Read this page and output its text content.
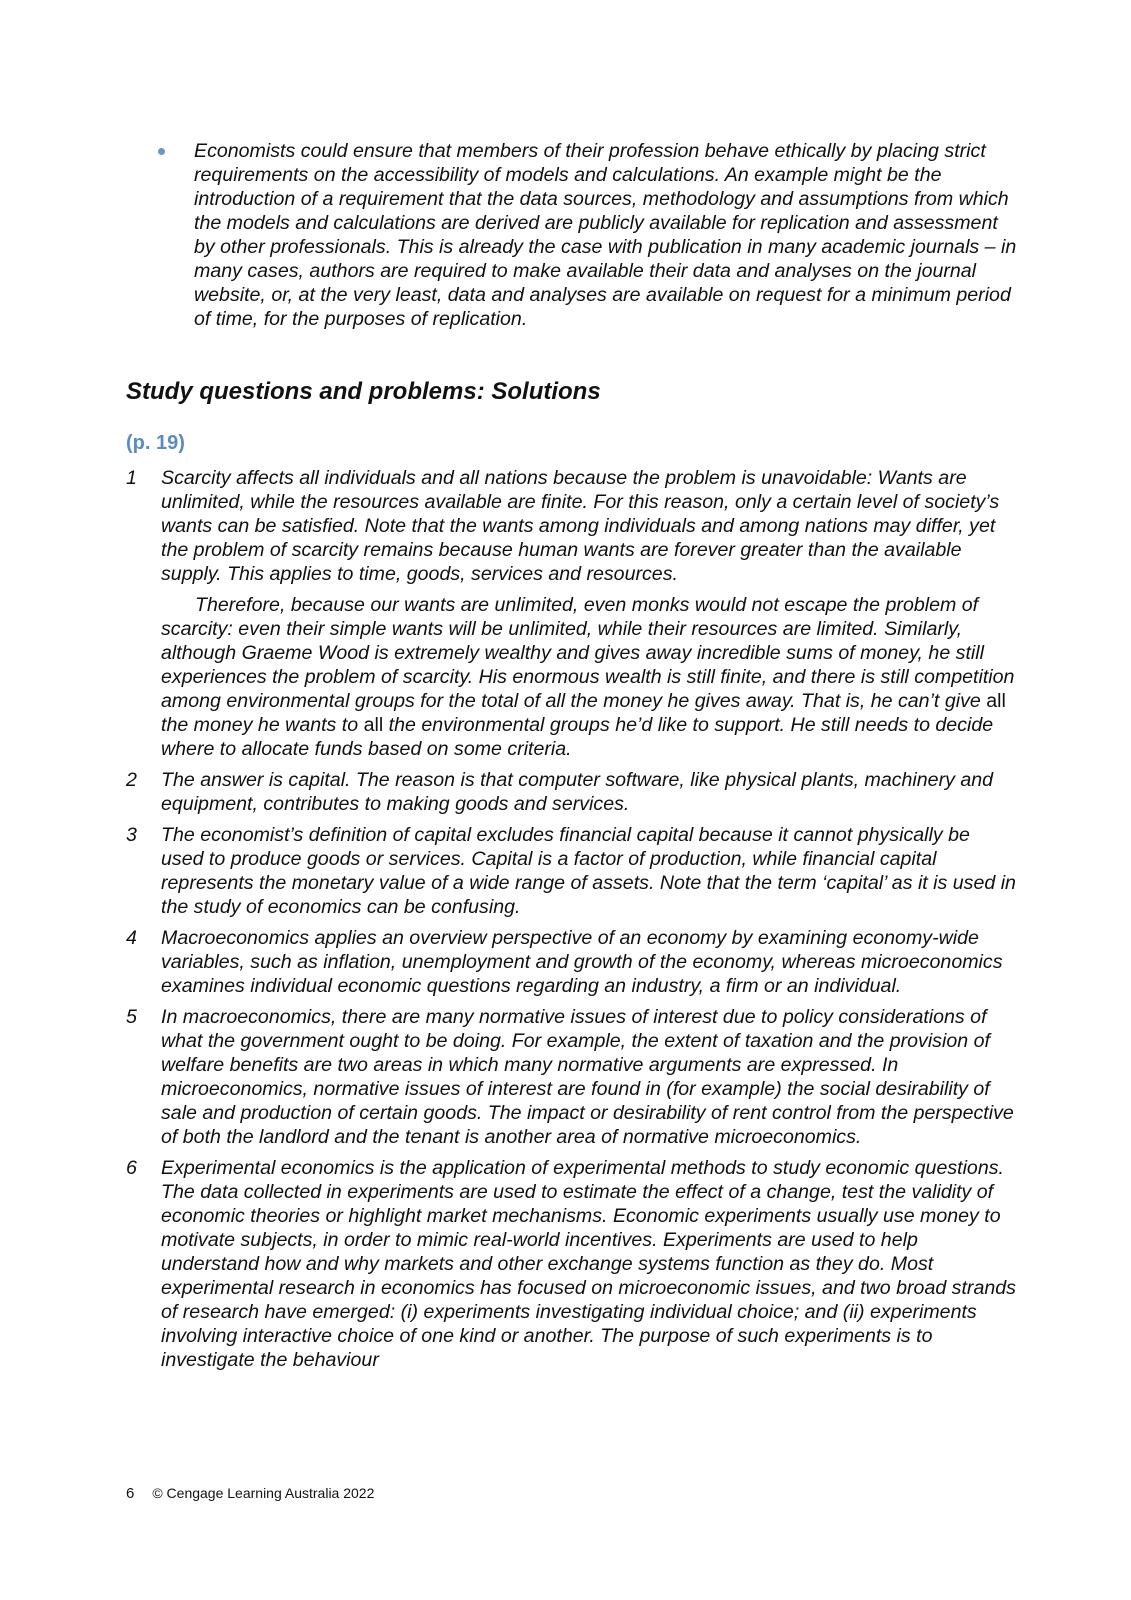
Economists could ensure that members of their profession behave ethically by placing strict requirements on the accessibility of models and calculations. An example might be the introduction of a requirement that the data sources, methodology and assumptions from which the models and calculations are derived are publicly available for replication and assessment by other professionals. This is already the case with publication in many academic journals – in many cases, authors are required to make available their data and analyses on the journal website, or, at the very least, data and analyses are available on request for a minimum period of time, for the purposes of replication.
Study questions and problems: Solutions
(p. 19)
1 Scarcity affects all individuals and all nations because the problem is unavoidable: Wants are unlimited, while the resources available are finite. For this reason, only a certain level of society’s wants can be satisfied. Note that the wants among individuals and among nations may differ, yet the problem of scarcity remains because human wants are forever greater than the available supply. This applies to time, goods, services and resources.

Therefore, because our wants are unlimited, even monks would not escape the problem of scarcity: even their simple wants will be unlimited, while their resources are limited. Similarly, although Graeme Wood is extremely wealthy and gives away incredible sums of money, he still experiences the problem of scarcity. His enormous wealth is still finite, and there is still competition among environmental groups for the total of all the money he gives away. That is, he can’t give all the money he wants to all the environmental groups he’d like to support. He still needs to decide where to allocate funds based on some criteria.

2 The answer is capital. The reason is that computer software, like physical plants, machinery and equipment, contributes to making goods and services.

3 The economist’s definition of capital excludes financial capital because it cannot physically be used to produce goods or services. Capital is a factor of production, while financial capital represents the monetary value of a wide range of assets. Note that the term ‘capital’ as it is used in the study of economics can be confusing.

4 Macroeconomics applies an overview perspective of an economy by examining economy-wide variables, such as inflation, unemployment and growth of the economy, whereas microeconomics examines individual economic questions regarding an industry, a firm or an individual.

5 In macroeconomics, there are many normative issues of interest due to policy considerations of what the government ought to be doing. For example, the extent of taxation and the provision of welfare benefits are two areas in which many normative arguments are expressed. In microeconomics, normative issues of interest are found in (for example) the social desirability of sale and production of certain goods. The impact or desirability of rent control from the perspective of both the landlord and the tenant is another area of normative microeconomics.

6 Experimental economics is the application of experimental methods to study economic questions. The data collected in experiments are used to estimate the effect of a change, test the validity of economic theories or highlight market mechanisms. Economic experiments usually use money to motivate subjects, in order to mimic real-world incentives. Experiments are used to help understand how and why markets and other exchange systems function as they do. Most experimental research in economics has focused on microeconomic issues, and two broad strands of research have emerged: (i) experiments investigating individual choice; and (ii) experiments involving interactive choice of one kind or another. The purpose of such experiments is to investigate the behaviour

6 © Cengage Learning Australia 2022
